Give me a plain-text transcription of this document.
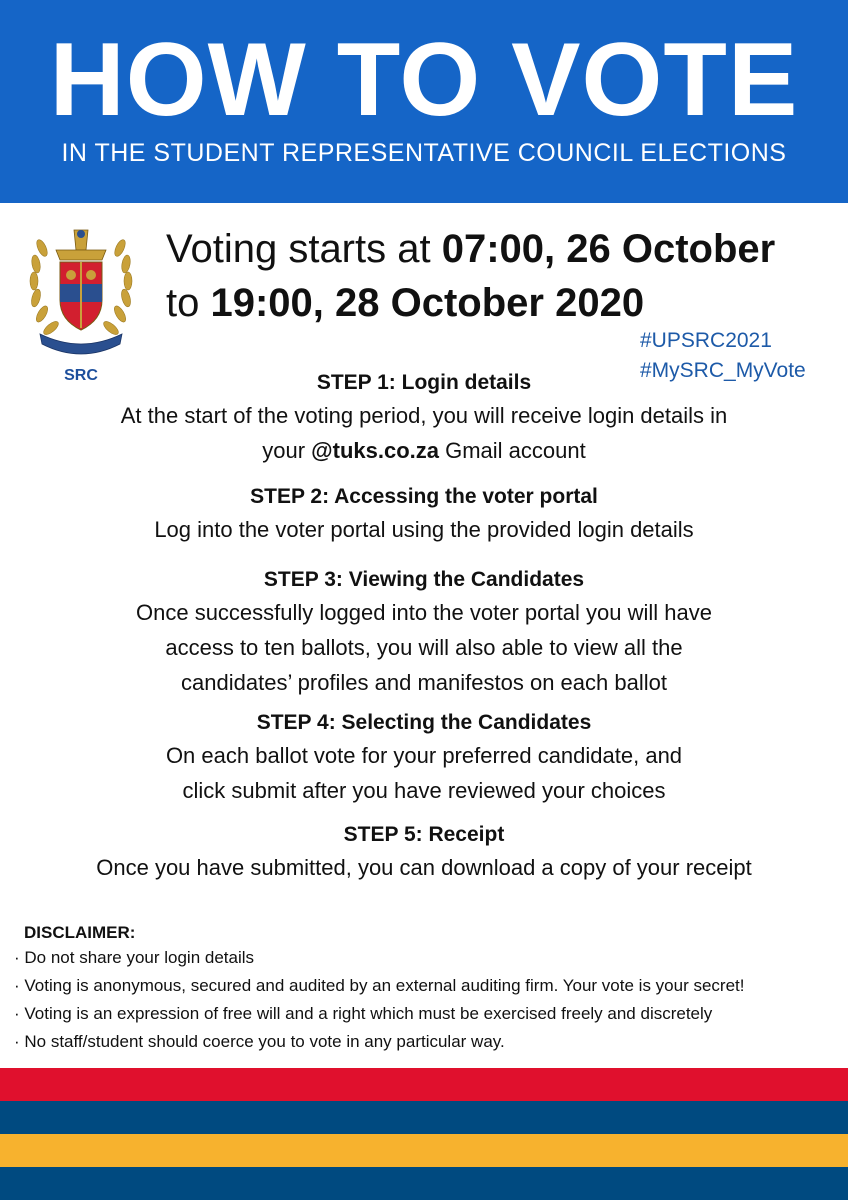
HOW TO VOTE
IN THE STUDENT REPRESENTATIVE COUNCIL ELECTIONS
SRC
Voting starts at 07:00, 26 October
to 19:00, 28 October 2020
#UPSRC2021
#MySRC_MyVote
STEP 1: Login details
At the start of the voting period, you will receive login details in
your @tuks.co.za Gmail account
STEP 2: Accessing the voter portal
Log into the voter portal using the provided login details
STEP 3: Viewing the Candidates
Once successfully logged into the voter portal you will have
access to ten ballots, you will also able to view all the
candidates’ profiles and manifestos on each ballot
STEP 4: Selecting the Candidates
On each ballot vote for your preferred candidate, and
click submit after you have reviewed your choices
STEP 5: Receipt
Once you have submitted, you can download a copy of your receipt
DISCLAIMER:
· Do not share your login details
· Voting is anonymous, secured and audited by an external auditing firm. Your vote is your secret!
· Voting is an expression of free will and a right which must be exercised freely and discretely
· No staff/student should coerce you to vote in any particular way.
